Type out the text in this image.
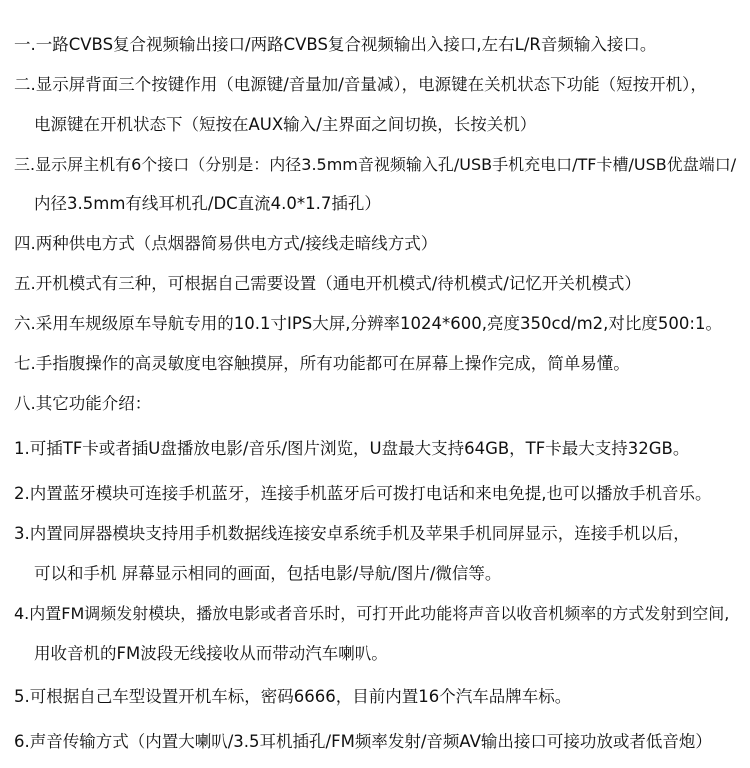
一.一路CVBS复合视频输出接口/两路CVBS复合视频输出入接口,左右L/R音频输入接口。
二.显示屏背面三个按键作用（电源键/音量加/音量减），电源键在关机状态下功能（短按开机），
电源键在开机状态下（短按在AUX输入/主界面之间切换，长按关机）
三.显示屏主机有6个接口（分别是：内径3.5mm音视频输入孔/USB手机充电口/TF卡槽/USB优盘端口/
内径3.5mm有线耳机孔/DC直流4.0*1.7插孔）
四.两种供电方式（点烟器简易供电方式/接线走暗线方式）
五.开机模式有三种，可根据自己需要设置（通电开机模式/待机模式/记忆开关机模式）
六.采用车规级原车导航专用的10.1寸IPS大屏,分辨率1024*600,亮度350cd/m2,对比度500:1。
七.手指腹操作的高灵敏度电容触摸屏，所有功能都可在屏幕上操作完成，简单易懂。
八.其它功能介绍：
1.可插TF卡或者插U盘播放电影/音乐/图片浏览，U盘最大支持64GB，TF卡最大支持32GB。
2.内置蓝牙模块可连接手机蓝牙，连接手机蓝牙后可拨打电话和来电免提,也可以播放手机音乐。
3.内置同屏器模块支持用手机数据线连接安卓系统手机及苹果手机同屏显示，连接手机以后，
可以和手机 屏幕显示相同的画面，包括电影/导航/图片/微信等。
4.内置FM调频发射模块，播放电影或者音乐时，可打开此功能将声音以收音机频率的方式发射到空间,
用收音机的FM波段无线接收从而带动汽车喇叭。
5.可根据自己车型设置开机车标，密码6666，目前内置16个汽车品牌车标。
6.声音传输方式（内置大喇叭/3.5耳机插孔/FM频率发射/音频AV输出接口可接功放或者低音炮）
